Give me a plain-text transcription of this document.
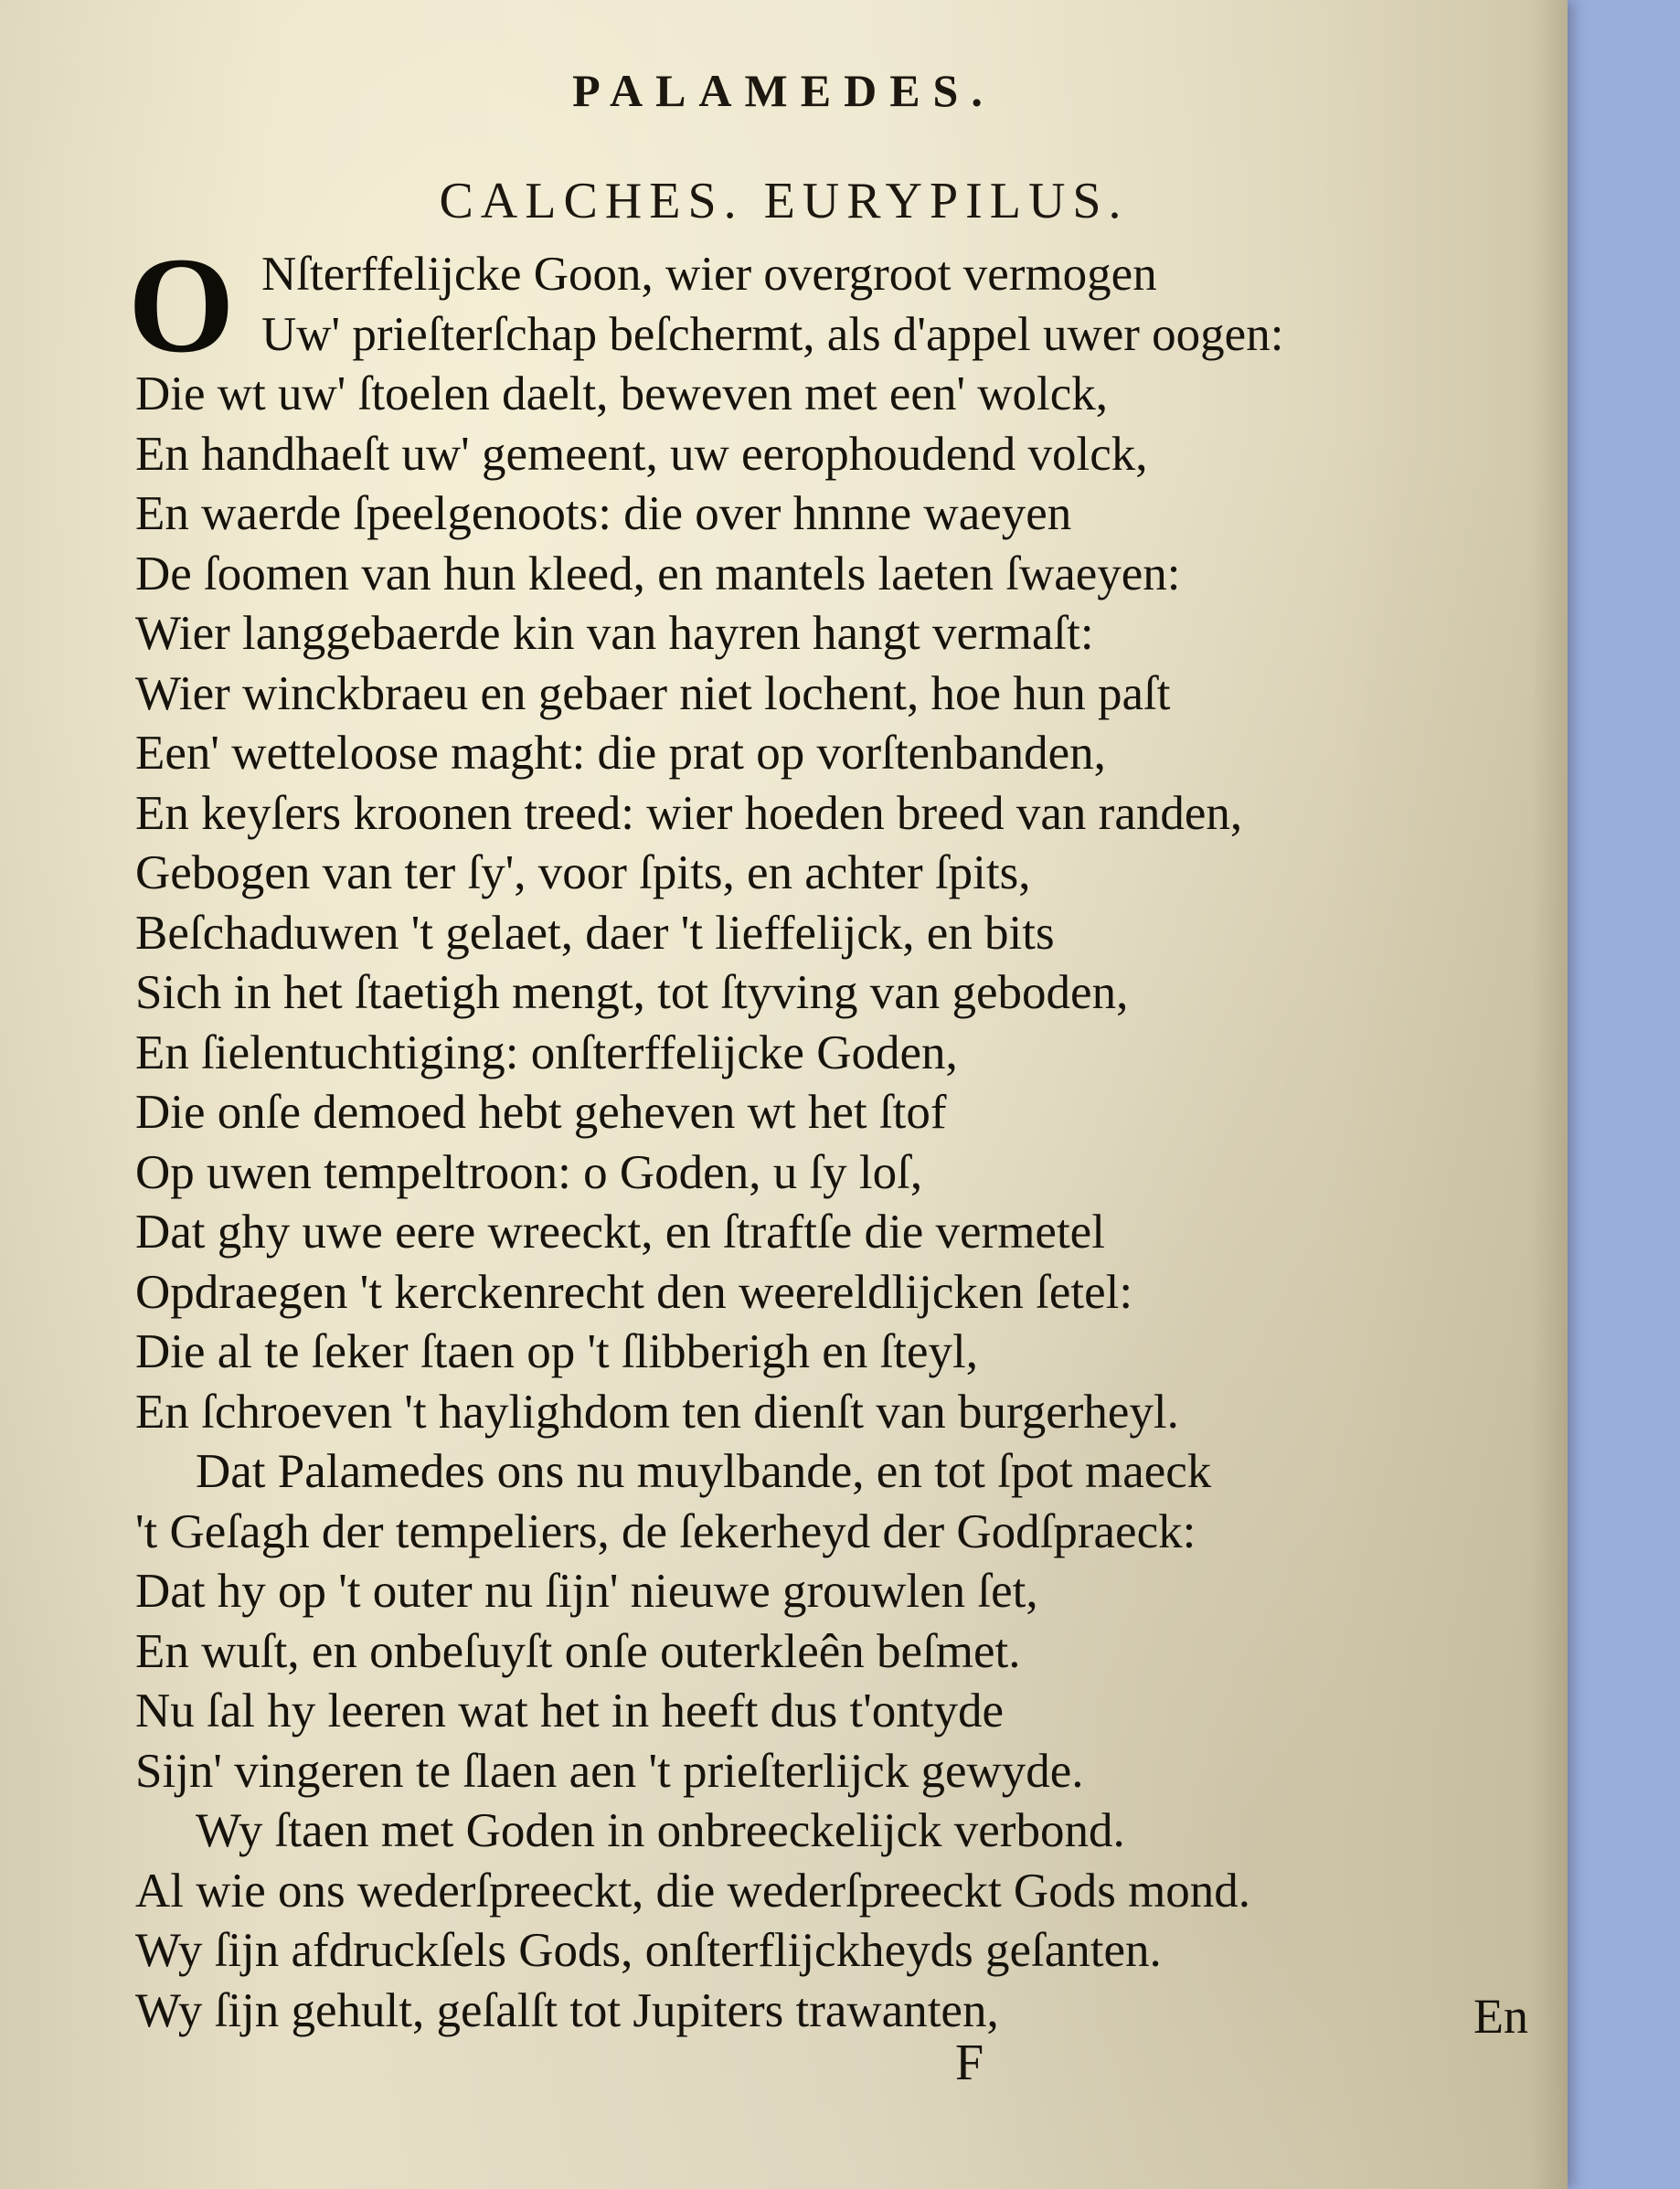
PALAMEDES.
CALCHES. EURYPILUS.
O Nſterffelijcke Goon, wier overgroot vermogen
Uw' prieſterſchap beſchermt, als d'appel uwer oogen:
Die wt uw' ſtoelen daelt, beweven met een' wolck,
En handhaeſt uw' gemeent, uw eerophoudend volck,
En waerde ſpeelgenoots: die over hnnne waeyen
De ſoomen van hun kleed, en mantels laeten ſwaeyen:
Wier langgebaerde kin van hayren hangt vermaſt:
Wier winckbraeu en gebaer niet lochent, hoe hun paſt
Een' wetteloose maght: die prat op vorſtenbanden,
En keyſers kroonen treed: wier hoeden breed van randen,
Gebogen van ter ſy', voor ſpits, en achter ſpits,
Beſchaduwen 't gelaet, daer 't lieffelijck, en bits
Sich in het ſtaetigh mengt, tot ſtyving van geboden,
En ſielentuchtiging: onſterffelijcke Goden,
Die onſe demoed hebt geheven wt het ſtof
Op uwen tempeltroon: o Goden, u ſy loſ,
Dat ghy uwe eere wreeckt, en ſtraftſe die vermetel
Opdraegen 't kerckenrecht den weereldlijcken ſetel:
Die al te ſeker ſtaen op 't ſlibberigh en ſteyl,
En ſchroeven 't haylighdom ten dienſt van burgerheyl.
Dat Palamedes ons nu muylbande, en tot ſpot maeck
't Geſagh der tempeliers, de ſekerheyd der Godſpraeck:
Dat hy op 't outer nu ſijn' nieuwe grouwlen ſet,
En wuſt, en onbeſuyſt onſe outerkleên beſmet.
Nu ſal hy leeren wat het in heeft dus t'ontyde
Sijn' vingeren te ſlaen aen 't prieſterlijck gewyde.
Wy ſtaen met Goden in onbreeckelijck verbond.
Al wie ons wederſpreeckt, die wederſpreeckt Gods mond.
Wy ſijn afdruckſels Gods, onſterflijckheyds geſanten.
Wy ſijn gehult, geſalſt tot Jupiters trawanten,	En
F
